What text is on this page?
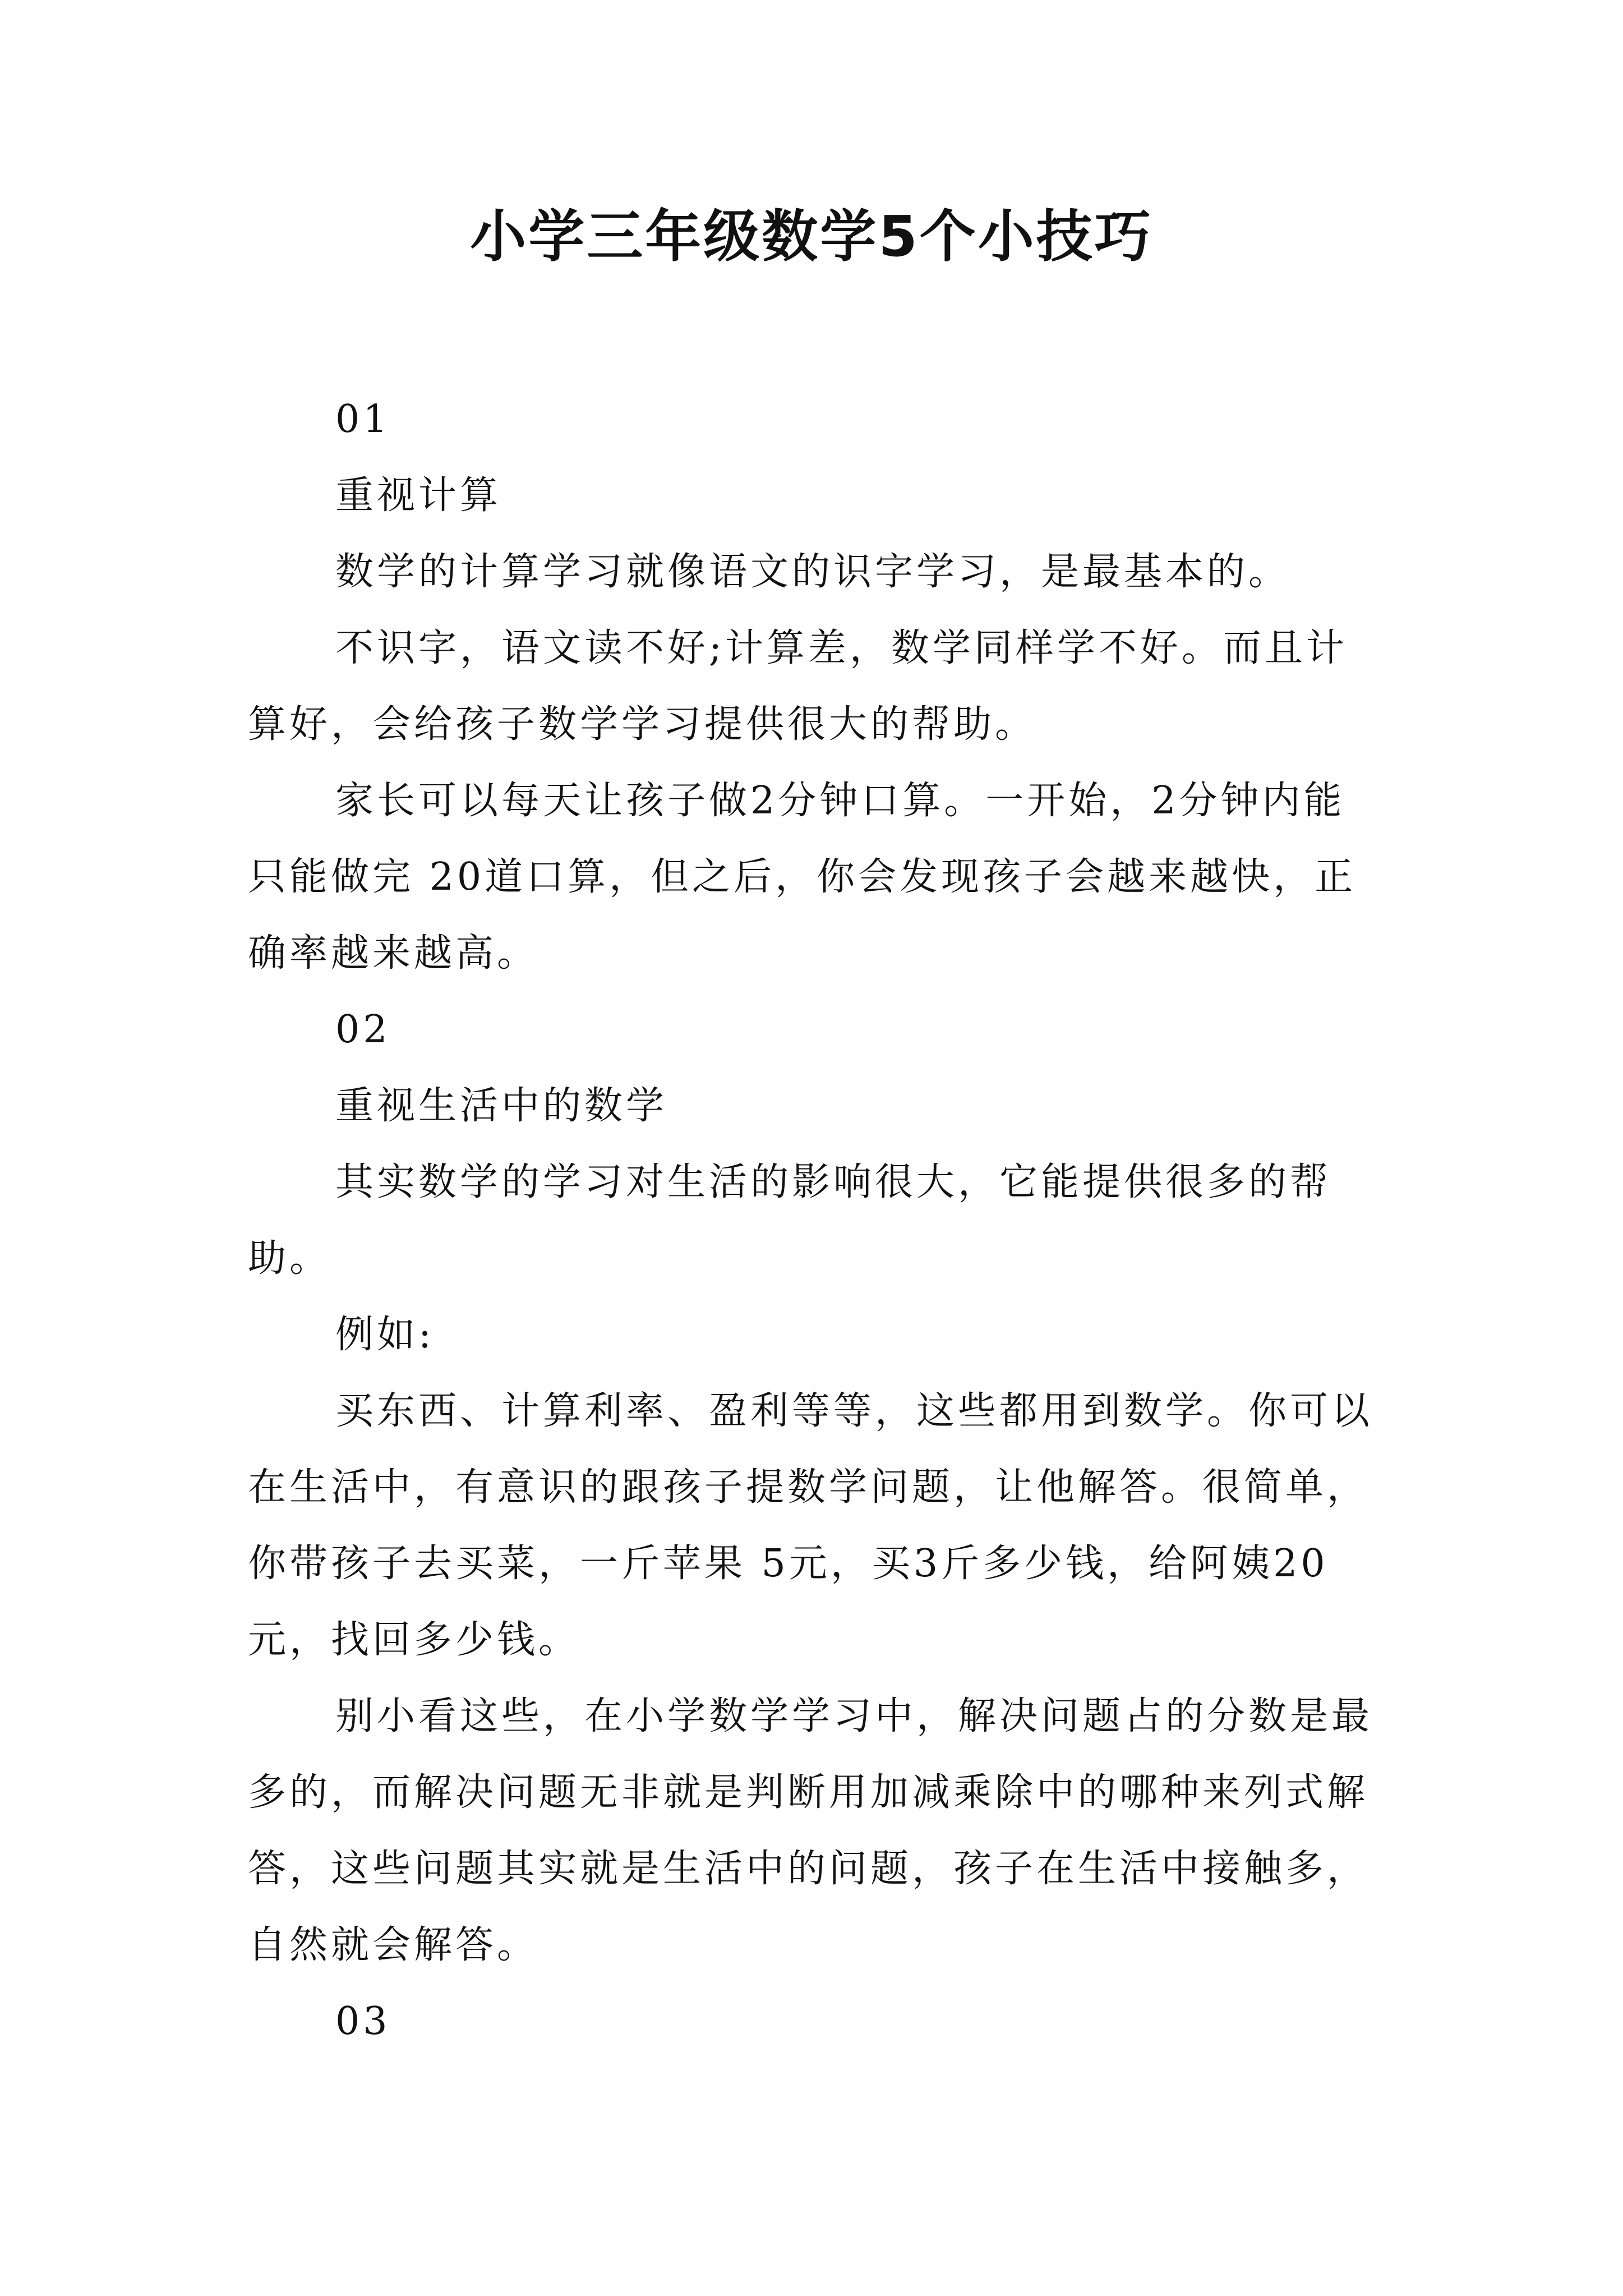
小学三年级数学5个小技巧

01

重视计算

数学的计算学习就像语文的识字学习，是最基本的。

不识字，语文读不好;计算差，数学同样学不好。而且计算好，会给孩子数学学习提供很大的帮助。

家长可以每天让孩子做2分钟口算。一开始，2分钟内能只能做完 20道口算，但之后，你会发现孩子会越来越快，正确率越来越高。

02

重视生活中的数学

其实数学的学习对生活的影响很大，它能提供很多的帮助。

例如:

买东西、计算利率、盈利等等，这些都用到数学。你可以在生活中，有意识的跟孩子提数学问题，让他解答。很简单，你带孩子去买菜，一斤苹果 5元，买3斤多少钱，给阿姨20元，找回多少钱。

别小看这些，在小学数学学习中，解决问题占的分数是最多的，而解决问题无非就是判断用加减乘除中的哪种来列式解答，这些问题其实就是生活中的问题，孩子在生活中接触多，自然就会解答。

03
